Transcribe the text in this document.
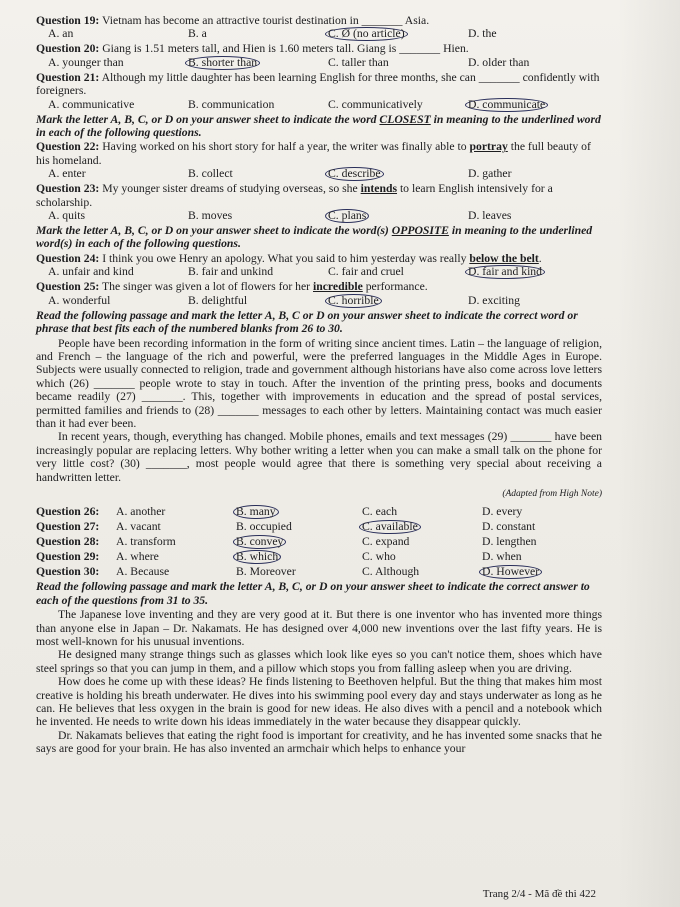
Question 19: Vietnam has become an attractive tourist destination in _______ Asia.

A. an	B. a	C. Ø (no article)	D. the

Question 20: Giang is 1.51 meters tall, and Hien is 1.60 meters tall. Giang is _______ Hien.

A. younger than	B. shorter than	C. taller than	D. older than

Question 21: Although my little daughter has been learning English for three months, she can _______ confidently with foreigners.

A. communicative	B. communication	C. communicatively	D. communicate

Mark the letter A, B, C, or D on your answer sheet to indicate the word CLOSEST in meaning to the underlined word in each of the following questions.

Question 22: Having worked on his short story for half a year, the writer was finally able to portray the full beauty of his homeland.

A. enter	B. collect	C. describe	D. gather

Question 23: My younger sister dreams of studying overseas, so she intends to learn English intensively for a scholarship.

A. quits	B. moves	C. plans	D. leaves

Mark the letter A, B, C, or D on your answer sheet to indicate the word(s) OPPOSITE in meaning to the underlined word(s) in each of the following questions.

Question 24: I think you owe Henry an apology. What you said to him yesterday was really below the belt.

A. unfair and kind	B. fair and unkind	C. fair and cruel	D. fair and kind

Question 25: The singer was given a lot of flowers for her incredible performance.

A. wonderful	B. delightful	C. horrible	D. exciting

Read the following passage and mark the letter A, B, C or D on your answer sheet to indicate the correct word or phrase that best fits each of the numbered blanks from 26 to 30.

People have been recording information in the form of writing since ancient times. Latin – the language of religion, and French – the language of the rich and powerful, were the preferred languages in the Middle Ages in Europe. Subjects were usually connected to religion, trade and government although historians have also come across love letters which (26) _______ people wrote to stay in touch. After the invention of the printing press, books and documents became readily (27) _______. This, together with improvements in education and the spread of postal services, permitted families and friends to (28) _______ messages to each other by letters. Maintaining contact was much easier than it had ever been.

In recent years, though, everything has changed. Mobile phones, emails and text messages (29) _______ have been increasingly popular are replacing letters. Why bother writing a letter when you can make a small talk on the phone for very little cost? (30) _______, most people would agree that there is something very special about receiving a handwritten letter.

(Adapted from High Note)

Question 26:	A. another	B. many	C. each	D. every
Question 27:	A. vacant	B. occupied	C. available	D. constant
Question 28:	A. transform	B. convey	C. expand	D. lengthen
Question 29:	A. where	B. which	C. who	D. when
Question 30:	A. Because	B. Moreover	C. Although	D. However

Read the following passage and mark the letter A, B, C, or D on your answer sheet to indicate the correct answer to each of the questions from 31 to 35.

The Japanese love inventing and they are very good at it. But there is one inventor who has invented more things than anyone else in Japan – Dr. Nakamats. He has designed over 4,000 new inventions over the last fifty years. He is most well-known for his unusual inventions.

He designed many strange things such as glasses which look like eyes so you can't notice them, shoes which have steel springs so that you can jump in them, and a pillow which stops you from falling asleep when you are driving.

How does he come up with these ideas? He finds listening to Beethoven helpful. But the thing that makes him most creative is holding his breath underwater. He dives into his swimming pool every day and stays underwater as long as he can. He believes that less oxygen in the brain is good for new ideas. He also dives with a pencil and a notebook which he invented. He needs to write down his ideas immediately in the water because they disappear quickly.

Dr. Nakamats believes that eating the right food is important for creativity, and he has invented some snacks that he says are good for your brain. He has also invented an armchair which helps to enhance your

Trang 2/4 - Mã đề thi 422
